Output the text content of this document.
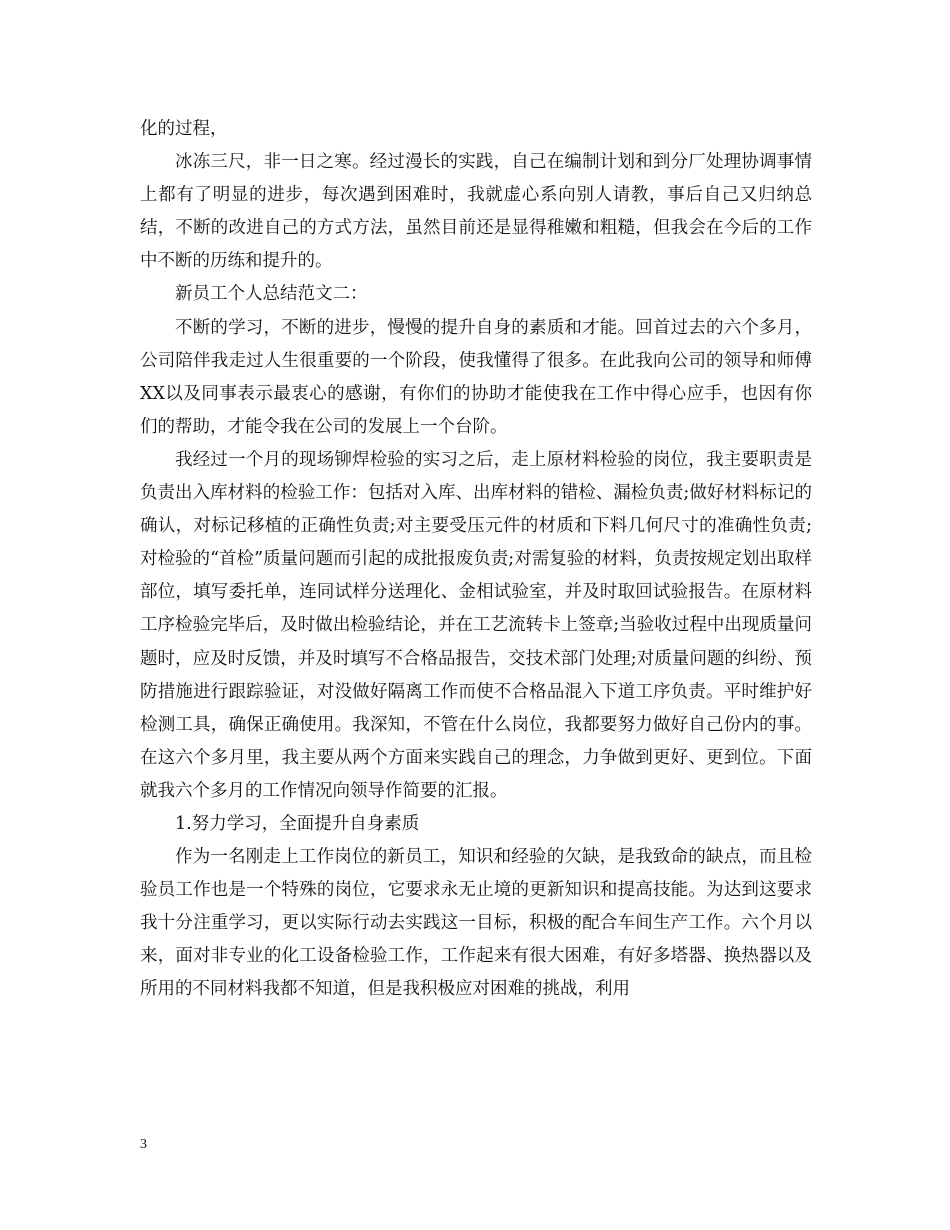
化的过程，

冰冻三尺，非一日之寒。经过漫长的实践，自己在编制计划和到分厂处理协调事情上都有了明显的进步，每次遇到困难时，我就虚心系向别人请教，事后自己又归纳总结，不断的改进自己的方式方法，虽然目前还是显得稚嫩和粗糙，但我会在今后的工作中不断的历练和提升的。

新员工个人总结范文二：

不断的学习，不断的进步，慢慢的提升自身的素质和才能。回首过去的六个多月，公司陪伴我走过人生很重要的一个阶段，使我懂得了很多。在此我向公司的领导和师傅XX以及同事表示最衷心的感谢，有你们的协助才能使我在工作中得心应手，也因有你们的帮助，才能令我在公司的发展上一个台阶。

我经过一个月的现场铆焊检验的实习之后，走上原材料检验的岗位，我主要职责是负责出入库材料的检验工作：包括对入库、出库材料的错检、漏检负责;做好材料标记的确认，对标记移植的正确性负责;对主要受压元件的材质和下料几何尺寸的准确性负责;对检验的“首检”质量问题而引起的成批报废负责;对需复验的材料，负责按规定划出取样部位，填写委托单，连同试样分送理化、金相试验室，并及时取回试验报告。在原材料工序检验完毕后，及时做出检验结论，并在工艺流转卡上签章;当验收过程中出现质量问题时，应及时反馈，并及时填写不合格品报告，交技术部门处理;对质量问题的纠纷、预防措施进行跟踪验证，对没做好隔离工作而使不合格品混入下道工序负责。平时维护好检测工具，确保正确使用。我深知，不管在什么岗位，我都要努力做好自己份内的事。在这六个多月里，我主要从两个方面来实践自己的理念，力争做到更好、更到位。下面就我六个多月的工作情况向领导作简要的汇报。

1.努力学习，全面提升自身素质

作为一名刚走上工作岗位的新员工，知识和经验的欠缺，是我致命的缺点，而且检验员工作也是一个特殊的岗位，它要求永无止境的更新知识和提高技能。为达到这要求我十分注重学习，更以实际行动去实践这一目标，积极的配合车间生产工作。六个月以来，面对非专业的化工设备检验工作，工作起来有很大困难，有好多塔器、换热器以及所用的不同材料我都不知道，但是我积极应对困难的挑战，利用

3
